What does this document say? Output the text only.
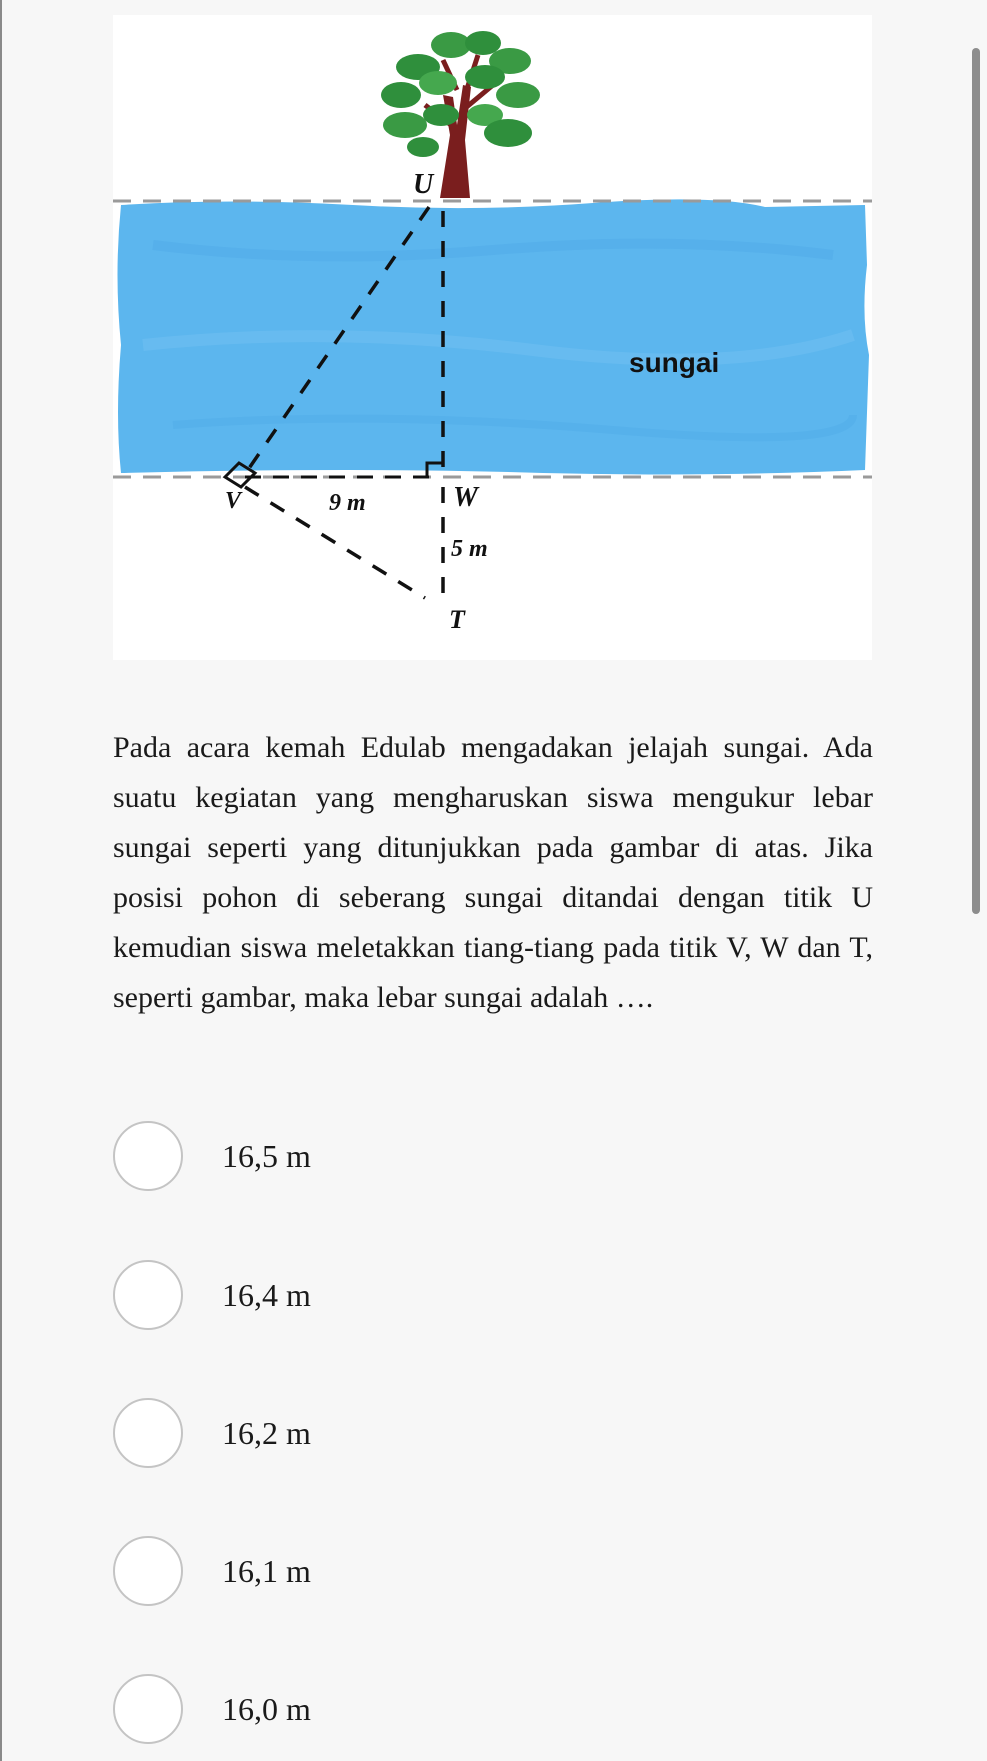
U
V	W
T
9 m
5 m
sungai
Pada acara kemah Edulab mengadakan jelajah sungai. Ada suatu kegiatan yang mengharuskan siswa mengukur lebar sungai seperti yang ditunjukkan pada gambar di atas. Jika posisi pohon di seberang sungai ditandai dengan titik U kemudian siswa meletakkan tiang-tiang pada titik V, W dan T, seperti gambar, maka lebar sungai adalah ….
16,5 m
16,4 m
16,2 m
16,1 m
16,0 m
